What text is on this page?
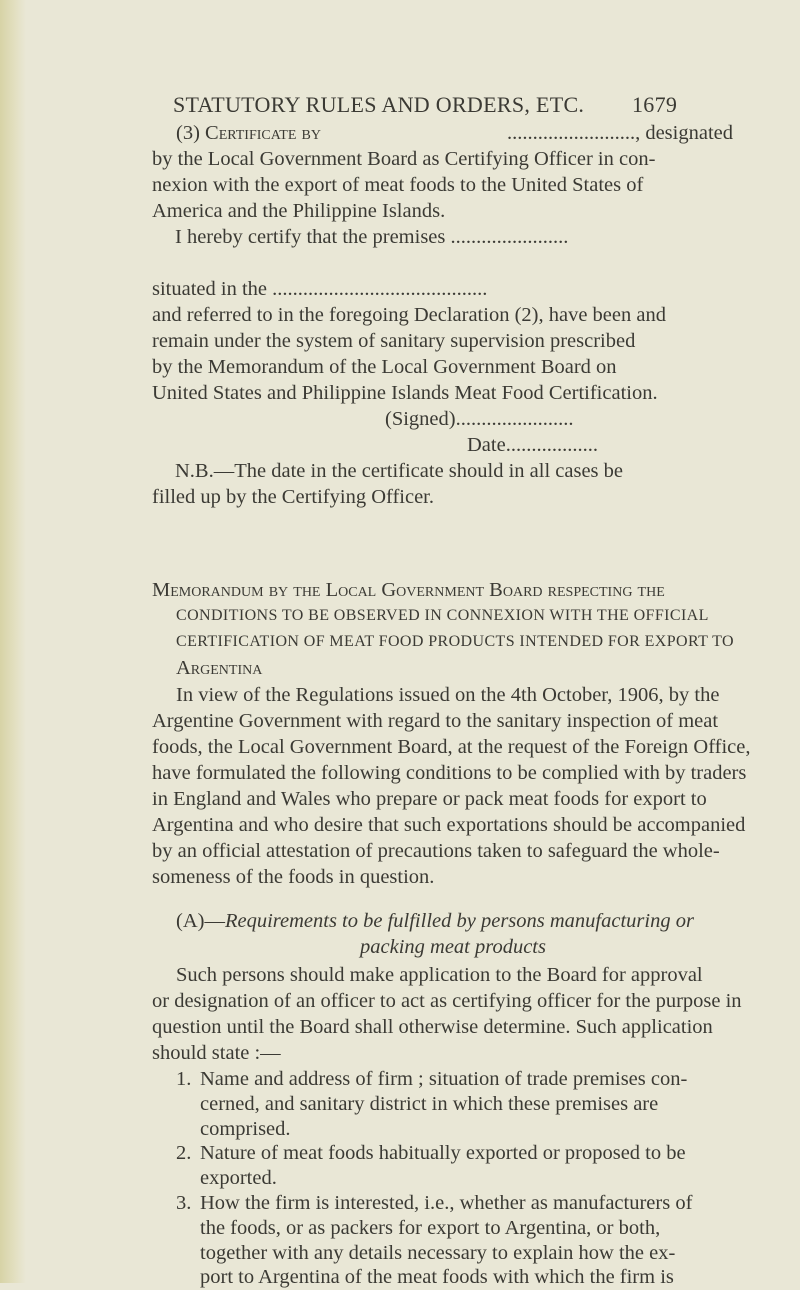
STATUTORY RULES AND ORDERS, ETC. 1679
(3) Certificate by	........................., designated
by the Local Government Board as Certifying Officer in con-
nexion with the export of meat foods to the United States of
America and the Philippine Islands.
I hereby certify that the premises .......................
situated in the ..........................................
and referred to in the foregoing Declaration (2), have been and
remain under the system of sanitary supervision prescribed
by the Memorandum of the Local Government Board on
United States and Philippine Islands Meat Food Certification.
(Signed).......................
Date..................
N.B.—The date in the certificate should in all cases be
filled up by the Certifying Officer.
Memorandum by the Local Government Board respecting the
CONDITIONS TO BE OBSERVED IN CONNEXION WITH THE OFFICIAL
CERTIFICATION OF MEAT FOOD PRODUCTS INTENDED FOR EXPORT TO
Argentina
In view of the Regulations issued on the 4th October, 1906, by the
Argentine Government with regard to the sanitary inspection of meat
foods, the Local Government Board, at the request of the Foreign Office,
have formulated the following conditions to be complied with by traders
in England and Wales who prepare or pack meat foods for export to
Argentina and who desire that such exportations should be accompanied
by an official attestation of precautions taken to safeguard the whole-
someness of the foods in question.
(A)—Requirements to be fulfilled by persons manufacturing or
packing meat products
Such persons should make application to the Board for approval
or designation of an officer to act as certifying officer for the purpose in
question until the Board shall otherwise determine. Such application
should state :—
1. Name and address of firm ; situation of trade premises con-
cerned, and sanitary district in which these premises are
comprised.
2. Nature of meat foods habitually exported or proposed to be
exported.
3. How the firm is interested, i.e., whether as manufacturers of
the foods, or as packers for export to Argentina, or both,
together with any details necessary to explain how the ex-
port to Argentina of the meat foods with which the firm is
